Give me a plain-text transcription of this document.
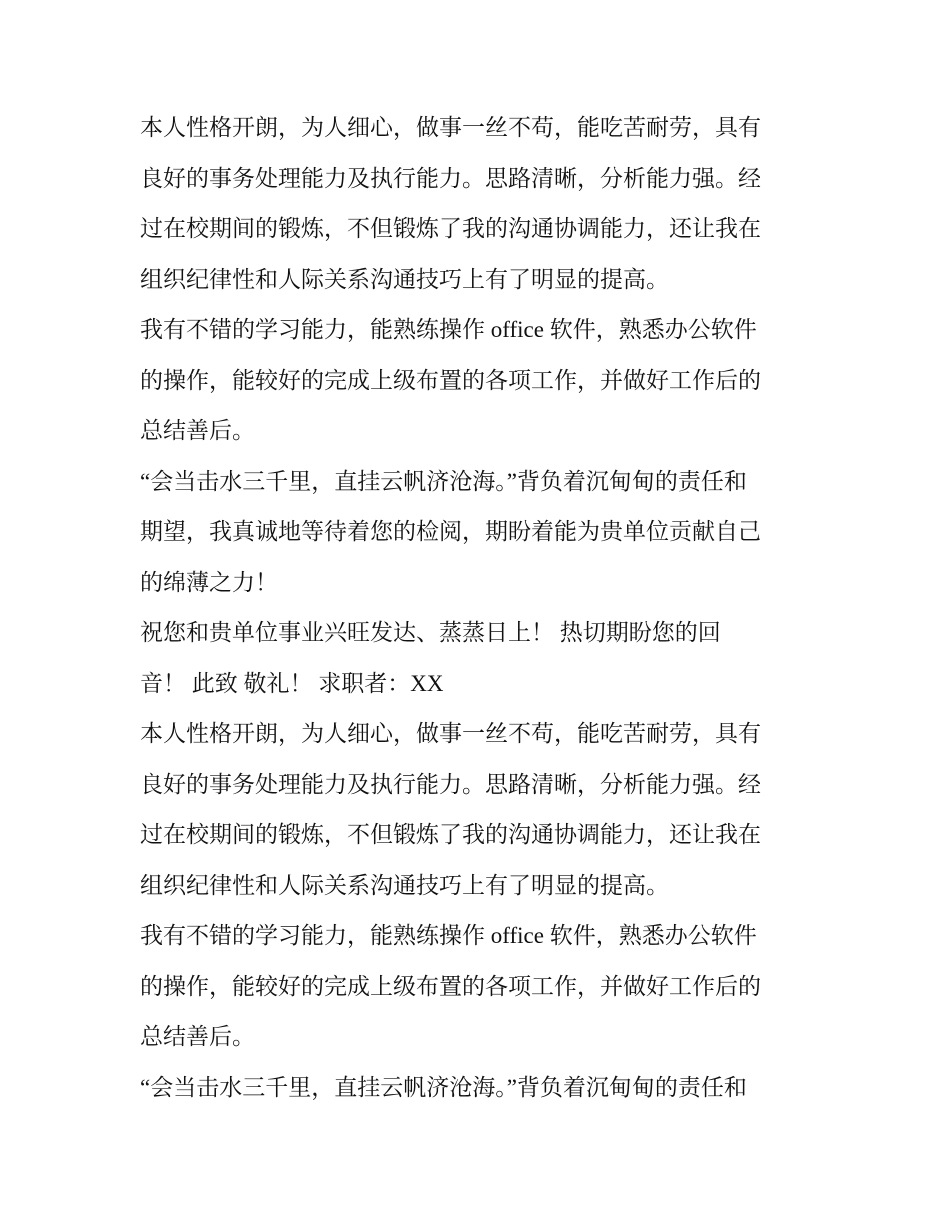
本人性格开朗，为人细心，做事一丝不苟，能吃苦耐劳，具有
良好的事务处理能力及执行能力。思路清晰，分析能力强。经
过在校期间的锻炼，不但锻炼了我的沟通协调能力，还让我在
组织纪律性和人际关系沟通技巧上有了明显的提高。
我有不错的学习能力，能熟练操作 office 软件，熟悉办公软件
的操作，能较好的完成上级布置的各项工作，并做好工作后的
总结善后。
“会当击水三千里，直挂云帆济沧海。”背负着沉甸甸的责任和
期望，我真诚地等待着您的检阅，期盼着能为贵单位贡献自己
的绵薄之力！
祝您和贵单位事业兴旺发达、蒸蒸日上！ 热切期盼您的回
音！ 此致 敬礼！ 求职者：XX
本人性格开朗，为人细心，做事一丝不苟，能吃苦耐劳，具有
良好的事务处理能力及执行能力。思路清晰，分析能力强。经
过在校期间的锻炼，不但锻炼了我的沟通协调能力，还让我在
组织纪律性和人际关系沟通技巧上有了明显的提高。
我有不错的学习能力，能熟练操作 office 软件，熟悉办公软件
的操作，能较好的完成上级布置的各项工作，并做好工作后的
总结善后。
“会当击水三千里，直挂云帆济沧海。”背负着沉甸甸的责任和
